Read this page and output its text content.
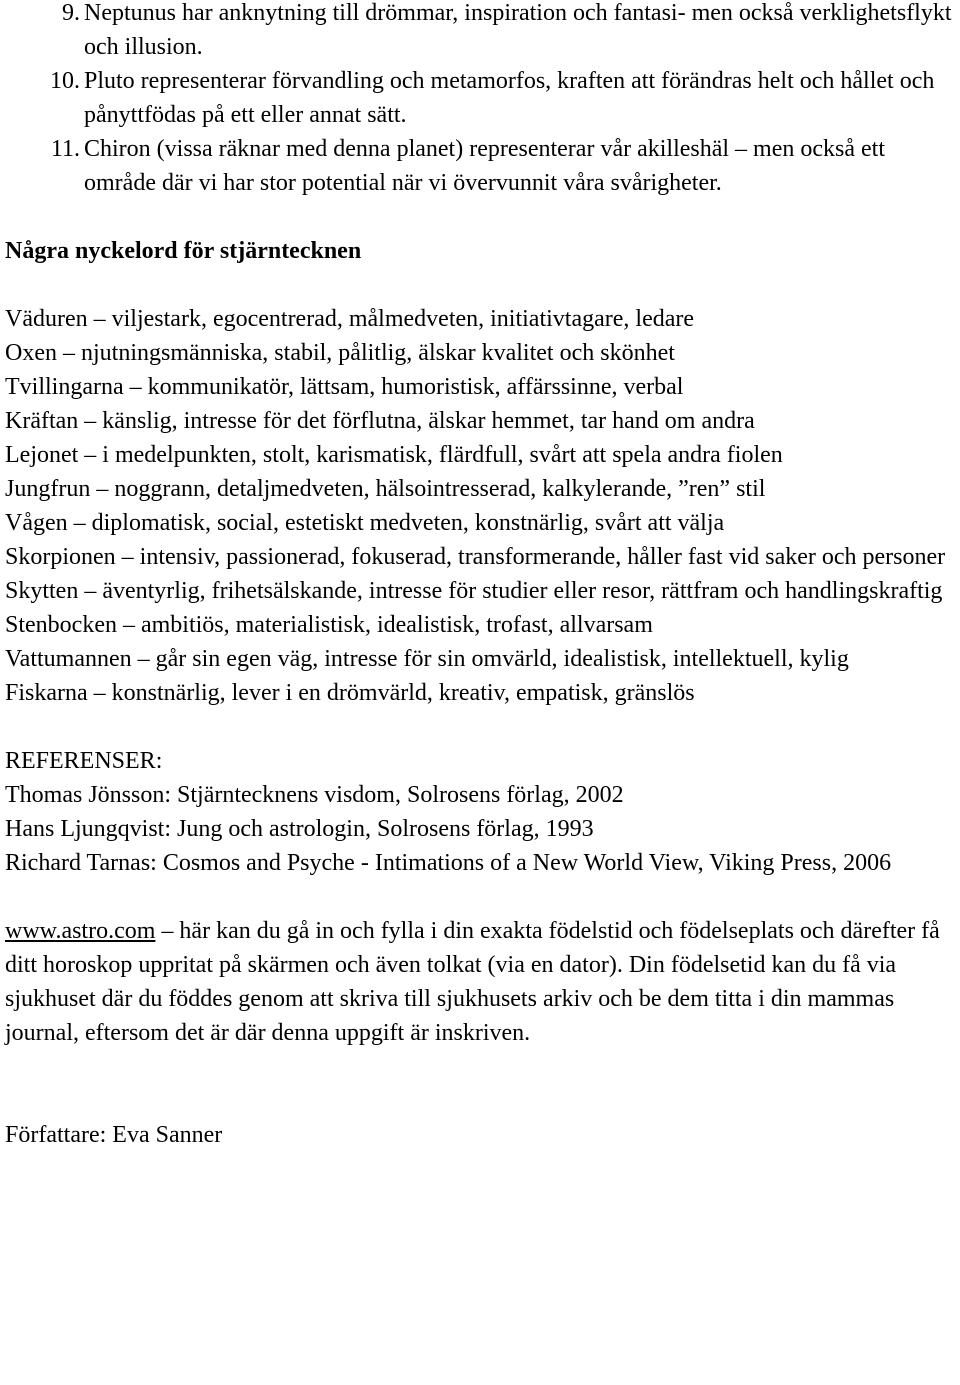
9. Neptunus har anknytning till drömmar, inspiration och fantasi- men också verklighetsflykt och illusion.
10. Pluto representerar förvandling och metamorfos, kraften att förändras helt och hållet och pånyttfödas på ett eller annat sätt.
11. Chiron (vissa räknar med denna planet) representerar vår akilleshäl – men också ett område där vi har stor potential när vi övervunnit våra svårigheter.
Några nyckelord för stjärntecknen
Väduren – viljestark, egocentrerad, målmedveten, initiativtagare, ledare
Oxen – njutningsmänniska, stabil, pålitlig, älskar kvalitet och skönhet
Tvillingarna – kommunikatör, lättsam, humoristisk, affärssinne, verbal
Kräftan – känslig, intresse för det förflutna, älskar hemmet, tar hand om andra
Lejonet – i medelpunkten, stolt, karismatisk, flärdfull, svårt att spela andra fiolen
Jungfrun – noggrann, detaljmedveten, hälsointresserad, kalkylerande, ”ren” stil
Vågen – diplomatisk, social, estetiskt medveten, konstnärlig, svårt att välja
Skorpionen – intensiv, passionerad, fokuserad, transformerande, håller fast vid saker och personer
Skytten – äventyrlig, frihetsälskande, intresse för studier eller resor, rättfram och handlingskraftig
Stenbocken – ambitiös, materialistisk, idealistisk, trofast, allvarsam
Vattumannen – går sin egen väg, intresse för sin omvärld, idealistisk, intellektuell, kylig
Fiskarna – konstnärlig, lever i en drömvärld, kreativ, empatisk, gränslös
REFERENSER:
Thomas Jönsson: Stjärntecknens visdom, Solrosens förlag, 2002
Hans Ljungqvist: Jung och astrologin, Solrosens förlag, 1993
Richard Tarnas: Cosmos and Psyche - Intimations of a New World View, Viking Press, 2006
www.astro.com – här kan du gå in och fylla i din exakta födelstid och födelseplats och därefter få ditt horoskop uppritat på skärmen och även tolkat (via en dator). Din födelsetid kan du få via sjukhuset där du föddes genom att skriva till sjukhusets arkiv och be dem titta i din mammas journal, eftersom det är där denna uppgift är inskriven.
Författare: Eva Sanner
